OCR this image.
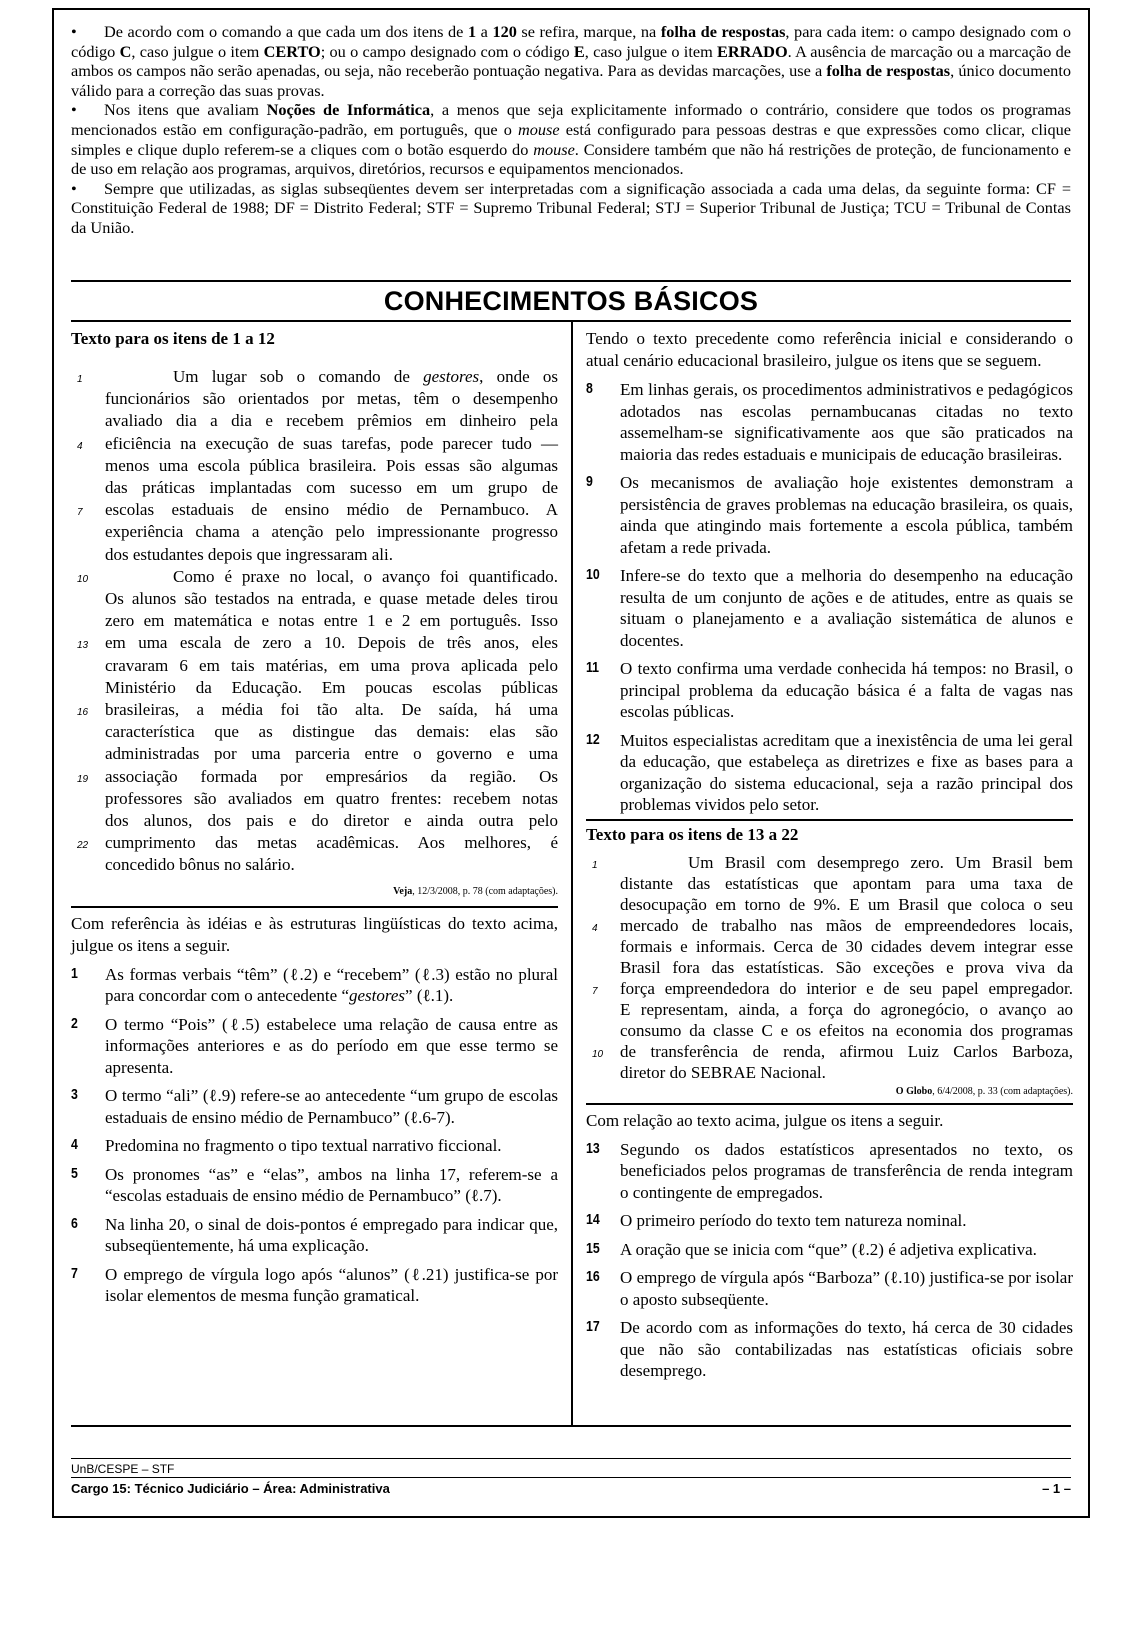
• De acordo com o comando a que cada um dos itens de 1 a 120 se refira, marque, na folha de respostas, para cada item: o campo designado com o código C, caso julgue o item CERTO; ou o campo designado com o código E, caso julgue o item ERRADO. A ausência de marcação ou a marcação de ambos os campos não serão apenadas, ou seja, não receberão pontuação negativa. Para as devidas marcações, use a folha de respostas, único documento válido para a correção das suas provas.

• Nos itens que avaliam Noções de Informática, a menos que seja explicitamente informado o contrário, considere que todos os programas mencionados estão em configuração-padrão, em português, que o mouse está configurado para pessoas destras e que expressões como clicar, clique simples e clique duplo referem-se a cliques com o botão esquerdo do mouse. Considere também que não há restrições de proteção, de funcionamento e de uso em relação aos programas, arquivos, diretórios, recursos e equipamentos mencionados.

• Sempre que utilizadas, as siglas subseqüentes devem ser interpretadas com a significação associada a cada uma delas, da seguinte forma: CF = Constituição Federal de 1988; DF = Distrito Federal; STF = Supremo Tribunal Federal; STJ = Superior Tribunal de Justiça; TCU = Tribunal de Contas da União.

CONHECIMENTOS BÁSICOS

Texto para os itens de 1 a 12

1	Um lugar sob o comando de gestores, onde os
funcionários são orientados por metas, têm o desempenho
avaliado dia a dia e recebem prêmios em dinheiro pela
4 eficiência na execução de suas tarefas, pode parecer tudo —
menos uma escola pública brasileira. Pois essas são algumas
das práticas implantadas com sucesso em um grupo de
7 escolas estaduais de ensino médio de Pernambuco. A
experiência chama a atenção pelo impressionante progresso
dos estudantes depois que ingressaram ali.
10	Como é praxe no local, o avanço foi quantificado.
Os alunos são testados na entrada, e quase metade deles tirou
zero em matemática e notas entre 1 e 2 em português. Isso
13 em uma escala de zero a 10. Depois de três anos, eles
cravaram 6 em tais matérias, em uma prova aplicada pelo
Ministério da Educação. Em poucas escolas públicas
16 brasileiras, a média foi tão alta. De saída, há uma
característica que as distingue das demais: elas são
administradas por uma parceria entre o governo e uma
19 associação formada por empresários da região. Os
professores são avaliados em quatro frentes: recebem notas
dos alunos, dos pais e do diretor e ainda outra pelo
22 cumprimento das metas acadêmicas. Aos melhores, é
concedido bônus no salário.
Veja, 12/3/2008, p. 78 (com adaptações).

Com referência às idéias e às estruturas lingüísticas do texto acima, julgue os itens a seguir.

1 As formas verbais “têm” (ℓ.2) e “recebem” (ℓ.3) estão no plural para concordar com o antecedente “gestores” (ℓ.1).
2 O termo “Pois” (ℓ.5) estabelece uma relação de causa entre as informações anteriores e as do período em que esse termo se apresenta.
3 O termo “ali” (ℓ.9) refere-se ao antecedente “um grupo de escolas estaduais de ensino médio de Pernambuco” (ℓ.6-7).
4 Predomina no fragmento o tipo textual narrativo ficcional.
5 Os pronomes “as” e “elas”, ambos na linha 17, referem-se a “escolas estaduais de ensino médio de Pernambuco” (ℓ.7).
6 Na linha 20, o sinal de dois-pontos é empregado para indicar que, subseqüentemente, há uma explicação.
7 O emprego de vírgula logo após “alunos” (ℓ.21) justifica-se por isolar elementos de mesma função gramatical.

Tendo o texto precedente como referência inicial e considerando o atual cenário educacional brasileiro, julgue os itens que se seguem.

8 Em linhas gerais, os procedimentos administrativos e pedagógicos adotados nas escolas pernambucanas citadas no texto assemelham-se significativamente aos que são praticados na maioria das redes estaduais e municipais de educação brasileiras.
9 Os mecanismos de avaliação hoje existentes demonstram a persistência de graves problemas na educação brasileira, os quais, ainda que atingindo mais fortemente a escola pública, também afetam a rede privada.
10 Infere-se do texto que a melhoria do desempenho na educação resulta de um conjunto de ações e de atitudes, entre as quais se situam o planejamento e a avaliação sistemática de alunos e docentes.
11 O texto confirma uma verdade conhecida há tempos: no Brasil, o principal problema da educação básica é a falta de vagas nas escolas públicas.
12 Muitos especialistas acreditam que a inexistência de uma lei geral da educação, que estabeleça as diretrizes e fixe as bases para a organização do sistema educacional, seja a razão principal dos problemas vividos pelo setor.

Texto para os itens de 13 a 22

1	Um Brasil com desemprego zero. Um Brasil bem
distante das estatísticas que apontam para uma taxa de
desocupação em torno de 9%. E um Brasil que coloca o seu
4 mercado de trabalho nas mãos de empreendedores locais,
formais e informais. Cerca de 30 cidades devem integrar esse
Brasil fora das estatísticas. São exceções e prova viva da
7 força empreendedora do interior e de seu papel empregador.
E representam, ainda, a força do agronegócio, o avanço ao
consumo da classe C e os efeitos na economia dos programas
10 de transferência de renda, afirmou Luiz Carlos Barboza,
diretor do SEBRAE Nacional.
O Globo, 6/4/2008, p. 33 (com adaptações).

Com relação ao texto acima, julgue os itens a seguir.

13 Segundo os dados estatísticos apresentados no texto, os beneficiados pelos programas de transferência de renda integram o contingente de empregados.
14 O primeiro período do texto tem natureza nominal.
15 A oração que se inicia com “que” (ℓ.2) é adjetiva explicativa.
16 O emprego de vírgula após “Barboza” (ℓ.10) justifica-se por isolar o aposto subseqüente.
17 De acordo com as informações do texto, há cerca de 30 cidades que não são contabilizadas nas estatísticas oficiais sobre desemprego.
UnB/CESPE – STF
Cargo 15: Técnico Judiciário – Área: Administrativa	– 1 –
